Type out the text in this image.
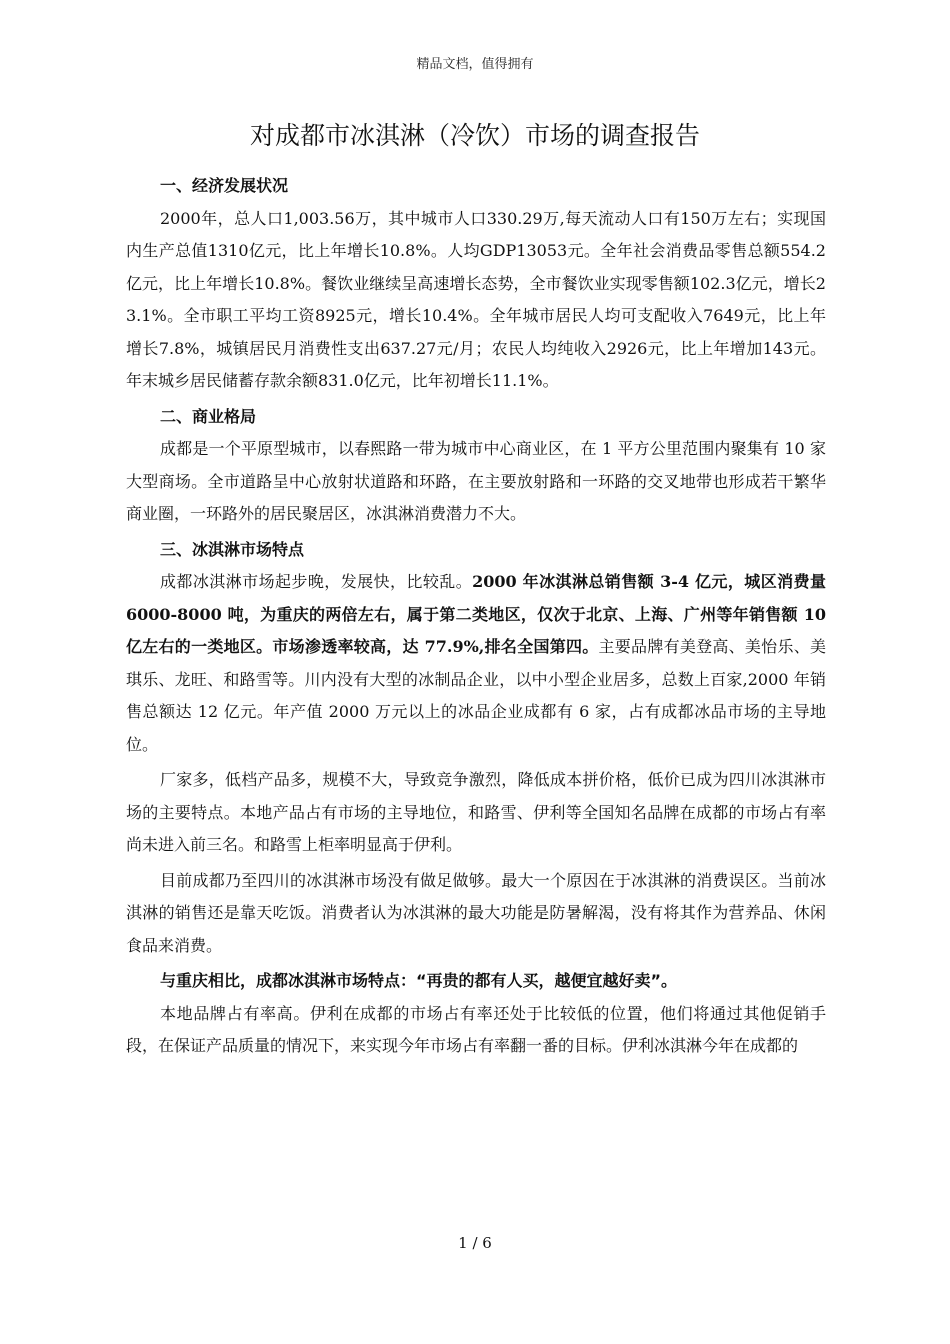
精品文档，值得拥有
对成都市冰淇淋（冷饮）市场的调查报告
一、经济发展状况

2000年，总人口1,003.56万，其中城市人口330.29万,每天流动人口有150万左右；实现国内生产总值1310亿元，比上年增长10.8%。人均GDP13053元。全年社会消费品零售总额554.2亿元，比上年增长10.8%。餐饮业继续呈高速增长态势，全市餐饮业实现零售额102.3亿元，增长23.1%。全市职工平均工资8925元，增长10.4%。全年城市居民人均可支配收入7649元，比上年增长7.8%，城镇居民月消费性支出637.27元/月；农民人均纯收入2926元，比上年增加143元。年末城乡居民储蓄存款余额831.0亿元，比年初增长11.1%。

二、商业格局

成都是一个平原型城市，以春熙路一带为城市中心商业区，在 1 平方公里范围内聚集有 10 家大型商场。全市道路呈中心放射状道路和环路，在主要放射路和一环路的交叉地带也形成若干繁华商业圈，一环路外的居民聚居区，冰淇淋消费潜力不大。

三、冰淇淋市场特点

成都冰淇淋市场起步晚，发展快，比较乱。2000 年冰淇淋总销售额 3-4 亿元，城区消费量 6000-8000 吨，为重庆的两倍左右，属于第二类地区，仅次于北京、上海、广州等年销售额 10 亿左右的一类地区。市场渗透率较高，达 77.9%,排名全国第四。主要品牌有美登高、美怡乐、美琪乐、龙旺、和路雪等。川内没有大型的冰制品企业，以中小型企业居多，总数上百家,2000 年销售总额达 12 亿元。年产值 2000 万元以上的冰品企业成都有 6 家，占有成都冰品市场的主导地位。

厂家多，低档产品多，规模不大，导致竞争激烈，降低成本拼价格，低价已成为四川冰淇淋市场的主要特点。本地产品占有市场的主导地位，和路雪、伊利等全国知名品牌在成都的市场占有率尚未进入前三名。和路雪上柜率明显高于伊利。

目前成都乃至四川的冰淇淋市场没有做足做够。最大一个原因在于冰淇淋的消费误区。当前冰淇淋的销售还是靠天吃饭。消费者认为冰淇淋的最大功能是防暑解渴，没有将其作为营养品、休闲食品来消费。

与重庆相比，成都冰淇淋市场特点：“再贵的都有人买，越便宜越好卖”。

本地品牌占有率高。伊利在成都的市场占有率还处于比较低的位置，他们将通过其他促销手段，在保证产品质量的情况下，来实现今年市场占有率翻一番的目标。伊利冰淇淋今年在成都的

1 / 6
